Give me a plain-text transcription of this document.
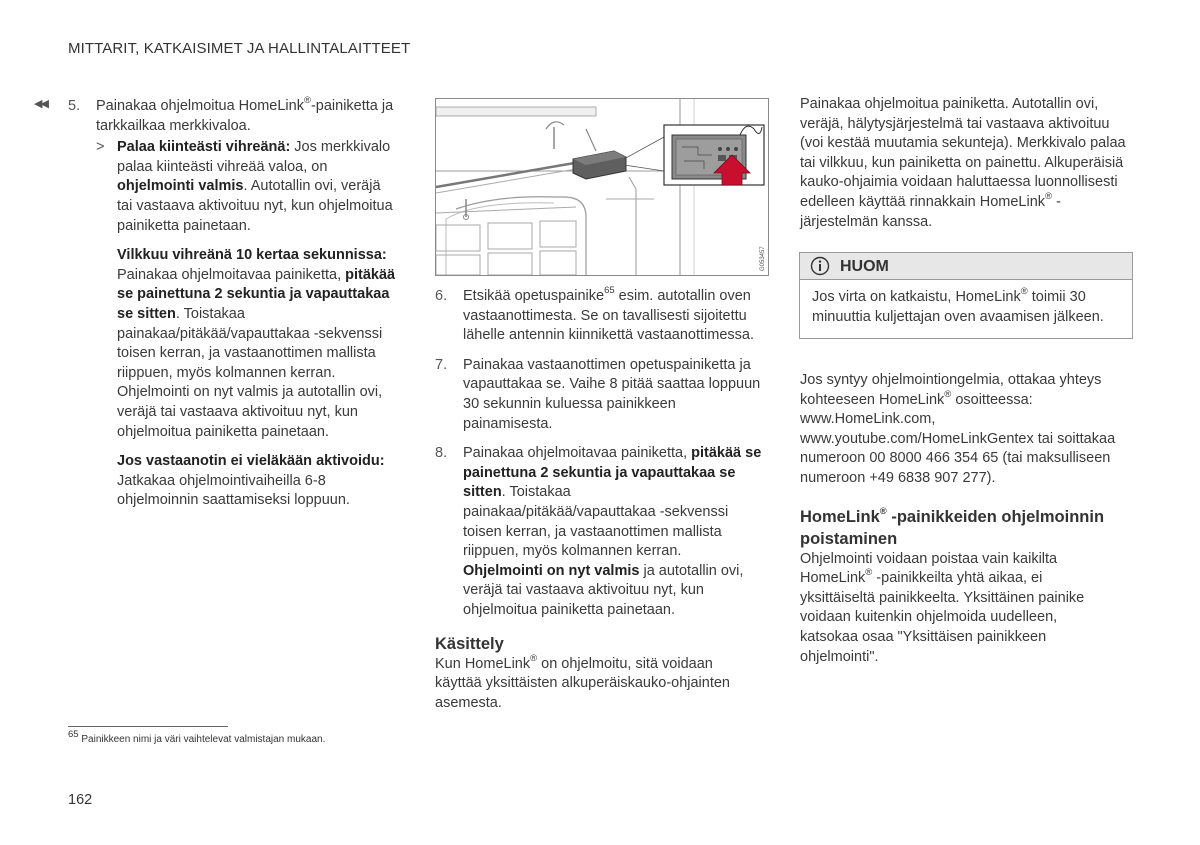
MITTARIT, KATKAISIMET JA HALLINTALAITTEET
◀◀ 5. Painakaa ohjelmoitua HomeLink®-painiketta ja tarkkailkaa merkkivaloa.

> Palaa kiinteästi vihreänä: Jos merkkivalo palaa kiinteästi vihreää valoa, on ohjelmointi valmis. Autotallin ovi, veräjä tai vastaava aktivoituu nyt, kun ohjelmoitua painiketta painetaan.

Vilkkuu vihreänä 10 kertaa sekunnissa: Painakaa ohjelmoitavaa painiketta, pitäkää se painettuna 2 sekuntia ja vapauttakaa se sitten. Toistakaa painakaa/pitäkää/vapauttakaa -sekvenssi toisen kerran, ja vastaanottimen mallista riippuen, myös kolmannen kerran. Ohjelmointi on nyt valmis ja autotallin ovi, veräjä tai vastaava aktivoituu nyt, kun ohjelmoitua painiketta painetaan.

Jos vastaanotin ei vieläkään aktivoidu: Jatkakaa ohjelmointivaiheilla 6-8 ohjelmoinnin saattamiseksi loppuun.

G053457
6. Etsikää opetuspainike$^{65}$ esim. autotallin oven vastaanottimesta. Se on tavallisesti sijoitettu lähelle antennin kiinnikettä vastaanottimessa.

7. Painakaa vastaanottimen opetuspainiketta ja vapauttakaa se. Vaihe 8 pitää saattaa loppuun 30 sekunnin kuluessa painikkeen painamisesta.

8. Painakaa ohjelmoitavaa painiketta, pitäkää se painettuna 2 sekuntia ja vapauttakaa se sitten. Toistakaa painakaa/pitäkää/vapauttakaa -sekvenssi toisen kerran, ja vastaanottimen mallista riippuen, myös kolmannen kerran. Ohjelmointi on nyt valmis ja autotallin ovi, veräjä tai vastaava aktivoituu nyt, kun ohjelmoitua painiketta painetaan.

Käsittely

Kun HomeLink® on ohjelmoitu, sitä voidaan käyttää yksittäisten alkuperäiskauko-ohjainten asemesta.

Painakaa ohjelmoitua painiketta. Autotallin ovi, veräjä, hälytysjärjestelmä tai vastaava aktivoituu (voi kestää muutamia sekunteja). Merkkivalo palaa tai vilkkuu, kun painiketta on painettu. Alkuperäisiä kauko-ohjaimia voidaan haluttaessa luonnollisesti edelleen käyttää rinnakkain HomeLink® -järjestelmän kanssa.

HUOM
Jos virta on katkaistu, HomeLink® toimii 30 minuuttia kuljettajan oven avaamisen jälkeen.

Jos syntyy ohjelmointiongelmia, ottakaa yhteys kohteeseen HomeLink® osoitteessa: www.HomeLink.com, www.youtube.com/HomeLinkGentex tai soittakaa numeroon 00 8000 466 354 65 (tai maksulliseen numeroon +49 6838 907 277).

HomeLink® -painikkeiden ohjelmoinnin poistaminen

Ohjelmointi voidaan poistaa vain kaikilta HomeLink® -painikkeilta yhtä aikaa, ei yksittäiseltä painikkeelta. Yksittäinen painike voidaan kuitenkin ohjelmoida uudelleen, katsokaa osaa "Yksittäisen painikkeen ohjelmointi".

$^{65}$ Painikkeen nimi ja väri vaihtelevat valmistajan mukaan.
162
